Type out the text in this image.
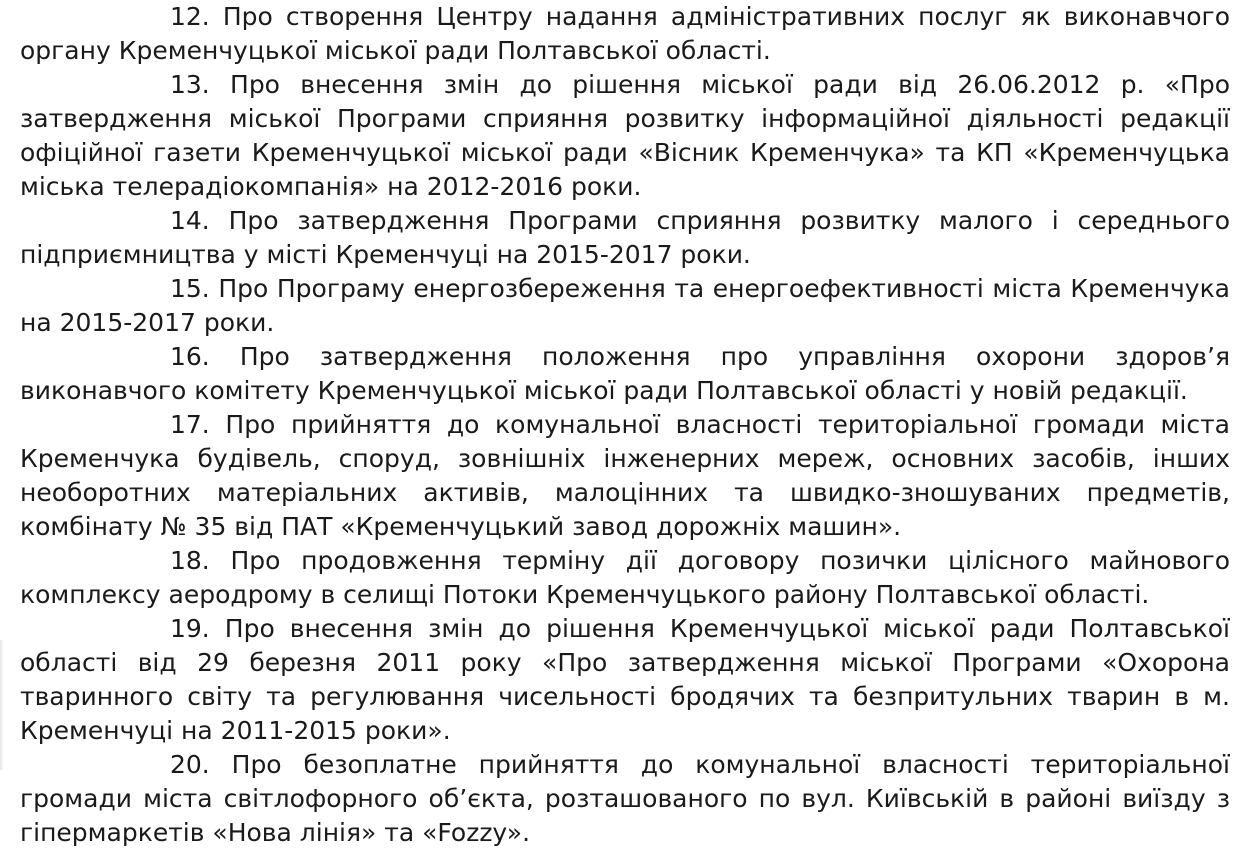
12. Про створення Центру надання адміністративних послуг як виконавчого органу Кременчуцької міської ради Полтавської області.

13. Про внесення змін до рішення міської ради від 26.06.2012 р. «Про затвердження міської Програми сприяння розвитку інформаційної діяльності редакції офіційної газети Кременчуцької міської ради «Вісник Кременчука» та КП «Кременчуцька міська телерадіокомпанія» на 2012-2016 роки.

14. Про затвердження Програми сприяння розвитку малого і середнього підприємництва у місті Кременчуці на 2015-2017 роки.

15. Про Програму енергозбереження та енергоефективності міста Кременчука на 2015-2017 роки.

16. Про затвердження положення про управління охорони здоров’я виконавчого комітету Кременчуцької міської ради Полтавської області у новій редакції.

17. Про прийняття до комунальної власності територіальної громади міста Кременчука будівель, споруд, зовнішніх інженерних мереж, основних засобів, інших необоротних матеріальних активів, малоцінних та швидко-зношуваних предметів, комбінату № 35 від ПАТ «Кременчуцький завод дорожніх машин».

18. Про продовження терміну дії договору позички цілісного майнового комплексу аеродрому в селищі Потоки Кременчуцького району Полтавської області.

19. Про внесення змін до рішення Кременчуцької міської ради Полтавської області від 29 березня 2011 року «Про затвердження міської Програми «Охорона тваринного світу та регулювання чисельності бродячих та безпритульних тварин в м. Кременчуці на 2011-2015 роки».

20. Про безоплатне прийняття до комунальної власності територіальної громади міста світлофорного об’єкта, розташованого по вул. Київській в районі виїзду з гіпермаркетів «Нова лінія» та «Fozzy».
